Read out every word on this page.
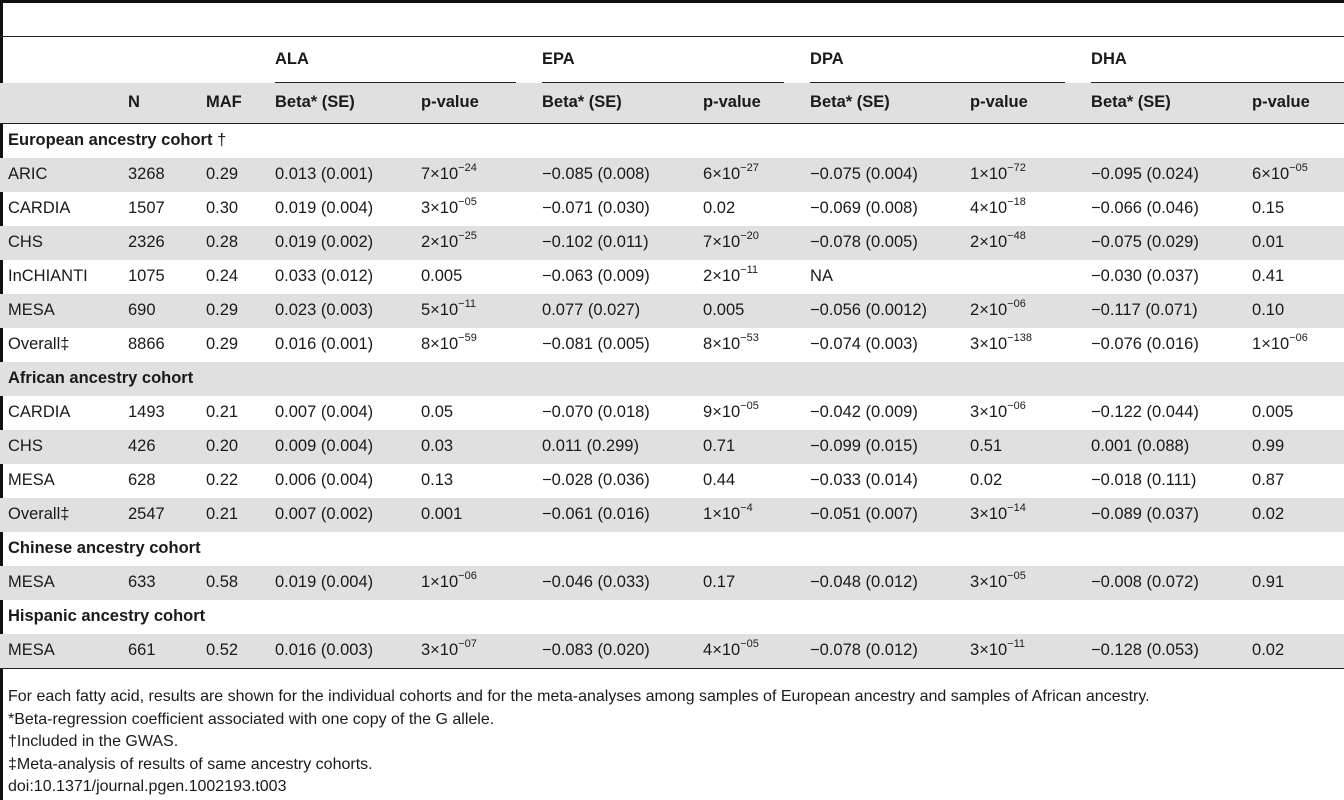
			ALA		EPA		DPA		DHA	

	N	MAF	Beta* (SE)	p-value	Beta* (SE)	p-value	Beta* (SE)	p-value	Beta* (SE)	p-value
European ancestry cohort †										
ARIC	3268	0.29	0.013 (0.001)	$7\times 10^{-24}$	−0.085 (0.008)	$6\times 10^{-27}$	−0.075 (0.004)	$1\times 10^{-72}$	−0.095 (0.024)	$6\times 10^{-05}$
CARDIA	1507	0.30	0.019 (0.004)	$3\times 10^{-05}$	−0.071 (0.030)	0.02	−0.069 (0.008)	$4\times 10^{-18}$	−0.066 (0.046)	0.15
CHS	2326	0.28	0.019 (0.002)	$2\times 10^{-25}$	−0.102 (0.011)	$7\times 10^{-20}$	−0.078 (0.005)	$2\times 10^{-48}$	−0.075 (0.029)	0.01
InCHIANTI	1075	0.24	0.033 (0.012)	0.005	−0.063 (0.009)	$2\times 10^{-11}$	NA		−0.030 (0.037)	0.41
MESA	690	0.29	0.023 (0.003)	$5\times 10^{-11}$	0.077 (0.027)	0.005	−0.056 (0.0012)	$2\times 10^{-06}$	−0.117 (0.071)	0.10
Overall‡	8866	0.29	0.016 (0.001)	$8\times 10^{-59}$	−0.081 (0.005)	$8\times 10^{-53}$	−0.074 (0.003)	$3\times 10^{-138}$	−0.076 (0.016)	$1\times 10^{-06}$
African ancestry cohort										
CARDIA	1493	0.21	0.007 (0.004)	0.05	−0.070 (0.018)	$9\times 10^{-05}$	−0.042 (0.009)	$3\times 10^{-06}$	−0.122 (0.044)	0.005
CHS	426	0.20	0.009 (0.004)	0.03	0.011 (0.299)	0.71	−0.099 (0.015)	0.51	0.001 (0.088)	0.99
MESA	628	0.22	0.006 (0.004)	0.13	−0.028 (0.036)	0.44	−0.033 (0.014)	0.02	−0.018 (0.111)	0.87
Overall‡	2547	0.21	0.007 (0.002)	0.001	−0.061 (0.016)	$1\times 10^{-4}$	−0.051 (0.007)	$3\times 10^{-14}$	−0.089 (0.037)	0.02
Chinese ancestry cohort										
MESA	633	0.58	0.019 (0.004)	$1\times 10^{-06}$	−0.046 (0.033)	0.17	−0.048 (0.012)	$3\times 10^{-05}$	−0.008 (0.072)	0.91
Hispanic ancestry cohort										
MESA	661	0.52	0.016 (0.003)	$3\times 10^{-07}$	−0.083 (0.020)	$4\times 10^{-05}$	−0.078 (0.012)	$3\times 10^{-11}$	−0.128 (0.053)	0.02
For each fatty acid, results are shown for the individual cohorts and for the meta-analyses among samples of European ancestry and samples of African ancestry.
*Beta-regression coefficient associated with one copy of the G allele.
†Included in the GWAS.
‡Meta-analysis of results of same ancestry cohorts.
doi:10.1371/journal.pgen.1002193.t003
